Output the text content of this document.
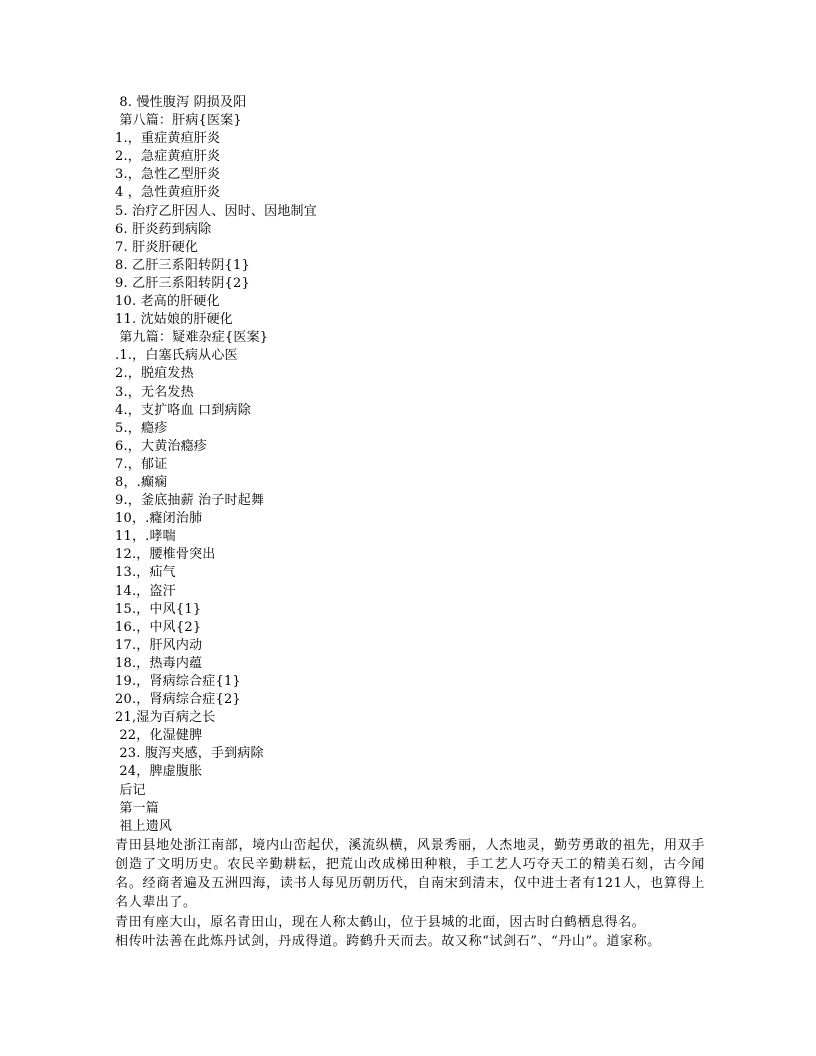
8. 慢性腹泻 阴损及阳
第八篇：肝病{医案}
1.，重症黄疸肝炎
2.，急症黄疸肝炎
3.，急性乙型肝炎
4 ，急性黄疸肝炎
5. 治疗乙肝因人、因时、因地制宜
6. 肝炎药到病除
7. 肝炎肝硬化
8. 乙肝三系阳转阴{1}
9. 乙肝三系阳转阴{2}
10. 老高的肝硬化
11. 沈姑娘的肝硬化
第九篇：疑难杂症{医案}
.1.，白塞氏病从心医
2.，脱疽发热
3.，无名发热
4.，支扩咯血 口到病除
5.，瘾疹
6.，大黄治瘾疹
7.，郁证
8，.癫痫
9.，釜底抽薪 治子时起舞
10，.癃闭治肺
11，.哮喘
12.，腰椎骨突出
13.，疝气
14.，盗汗
15.，中风{1}
16.，中风{2}
17.，肝风内动
18.，热毒内蕴
19.，肾病综合症{1}
20.，肾病综合症{2}
21,湿为百病之长
22，化湿健脾
23. 腹泻夹感，手到病除
24，脾虚腹胀
后记
第一篇
祖上遗风
青田县地处浙江南部，境内山峦起伏，溪流纵横，风景秀丽，人杰地灵，勤劳勇敢的祖先，用双手创造了文明历史。农民辛勤耕耘，把荒山改成梯田种粮，手工艺人巧夺天工的精美石刻，古今闻名。经商者遍及五洲四海，读书人每见历朝历代，自南宋到清末，仅中进士者有121人，也算得上名人辈出了。
青田有座大山，原名青田山，现在人称太鹤山，位于县城的北面，因古时白鹤栖息得名。
相传叶法善在此炼丹试剑，丹成得道。跨鹤升天而去。故又称“试剑石”、“丹山”。道家称。
